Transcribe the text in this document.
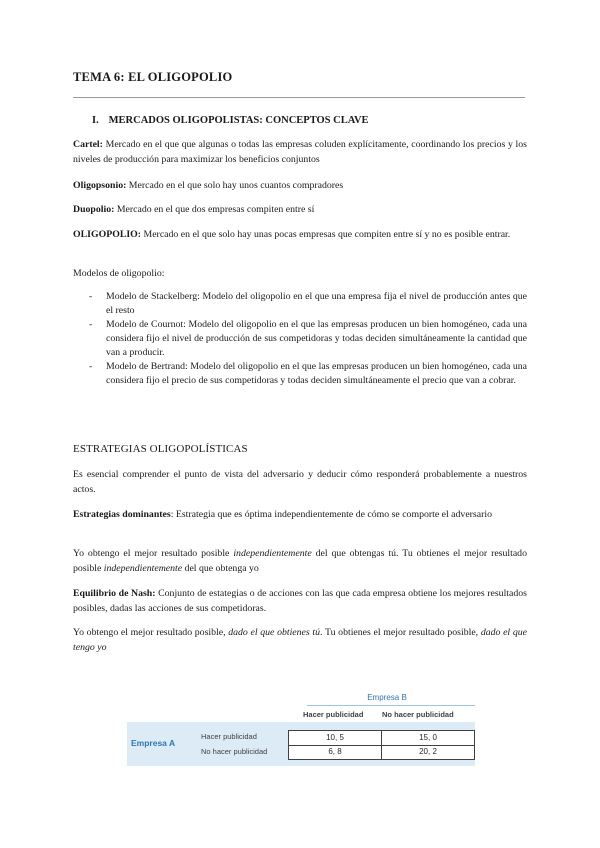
TEMA 6: EL OLIGOPOLIO
I. MERCADOS OLIGOPOLISTAS: CONCEPTOS CLAVE
Cartel: Mercado en el que que algunas o todas las empresas coluden explícitamente, coordinando los precios y los niveles de producción para maximizar los beneficios conjuntos
Oligopsonio: Mercado en el que solo hay unos cuantos compradores
Duopolio: Mercado en el que dos empresas compiten entre sí
OLIGOPOLIO: Mercado en el que solo hay unas pocas empresas que compiten entre sí y no es posible entrar.
Modelos de oligopolio:
- Modelo de Stackelberg: Modelo del oligopolio en el que una empresa fija el nivel de producción antes que el resto
- Modelo de Cournot: Modelo del oligopolio en el que las empresas producen un bien homogéneo, cada una considera fijo el nivel de producción de sus competidoras y todas deciden simultáneamente la cantidad que van a producir.
- Modelo de Bertrand: Modelo del oligopolio en el que las empresas producen un bien homogéneo, cada una considera fijo el precio de sus competidoras y todas deciden simultáneamente el precio que van a cobrar.
ESTRATEGIAS OLIGOPOLÍSTICAS
Es esencial comprender el punto de vista del adversario y deducir cómo responderá probablemente a nuestros actos.
Estrategias dominantes: Estrategia que es óptima independientemente de cómo se comporte el adversario
Yo obtengo el mejor resultado posible independientemente del que obtengas tú. Tu obtienes el mejor resultado posible independientemente del que obtenga yo
Equilibrio de Nash: Conjunto de estategias o de acciones con las que cada empresa obtiene los mejores resultados posibles, dadas las acciones de sus competidoras.
Yo obtengo el mejor resultado posible, dado el que obtienes tú. Tu obtienes el mejor resultado posible, dado el que tengo yo
Empresa B
Hacer publicidad No hacer publicidad
Empresa A
Hacer publicidad
No hacer publicidad
10, 5	15, 0
6, 8	20, 2
